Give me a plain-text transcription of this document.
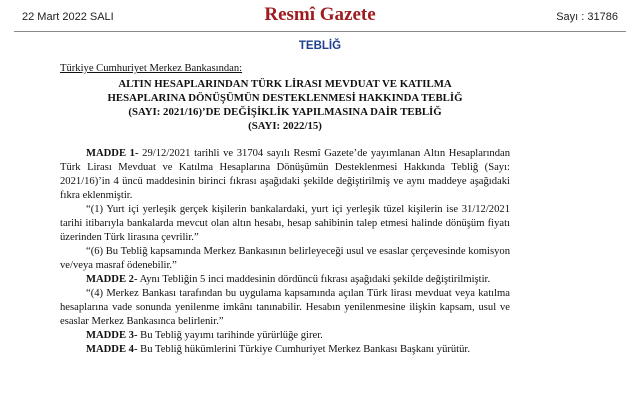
22 Mart 2022 SALI	Resmî Gazete	Sayı : 31786
TEBLİĞ
Türkiye Cumhuriyet Merkez Bankasından:
ALTIN HESAPLARINDAN TÜRK LİRASI MEVDUAT VE KATILMA
HESAPLARINA DÖNÜŞÜMÜN DESTEKLENMESİ HAKKINDA TEBLİĞ
(SAYI: 2021/16)’DE DEĞİŞİKLİK YAPILMASINA DAİR TEBLİĞ
(SAYI: 2022/15)

MADDE 1- 29/12/2021 tarihli ve 31704 sayılı Resmî Gazete’de yayımlanan Altın Hesaplarından Türk Lirası Mevduat ve Katılma Hesaplarına Dönüşümün Desteklenmesi Hakkında Tebliğ (Sayı: 2021/16)’in 4 üncü maddesinin birinci fıkrası aşağıdaki şekilde değiştirilmiş ve aynı maddeye aşağıdaki fıkra eklenmiştir.

“(1) Yurt içi yerleşik gerçek kişilerin bankalardaki, yurt içi yerleşik tüzel kişilerin ise 31/12/2021 tarihi itibarıyla bankalarda mevcut olan altın hesabı, hesap sahibinin talep etmesi halinde dönüşüm fiyatı üzerinden Türk lirasına çevrilir.”

“(6) Bu Tebliğ kapsamında Merkez Bankasının belirleyeceği usul ve esaslar çerçevesinde komisyon ve/veya masraf ödenebilir.”

MADDE 2- Aynı Tebliğin 5 inci maddesinin dördüncü fıkrası aşağıdaki şekilde değiştirilmiştir.

“(4) Merkez Bankası tarafından bu uygulama kapsamında açılan Türk lirası mevduat veya katılma hesaplarına vade sonunda yenilenme imkânı tanınabilir. Hesabın yenilenmesine ilişkin kapsam, usul ve esaslar Merkez Bankasınca belirlenir.”

MADDE 3- Bu Tebliğ yayımı tarihinde yürürlüğe girer.

MADDE 4- Bu Tebliğ hükümlerini Türkiye Cumhuriyet Merkez Bankası Başkanı yürütür.
